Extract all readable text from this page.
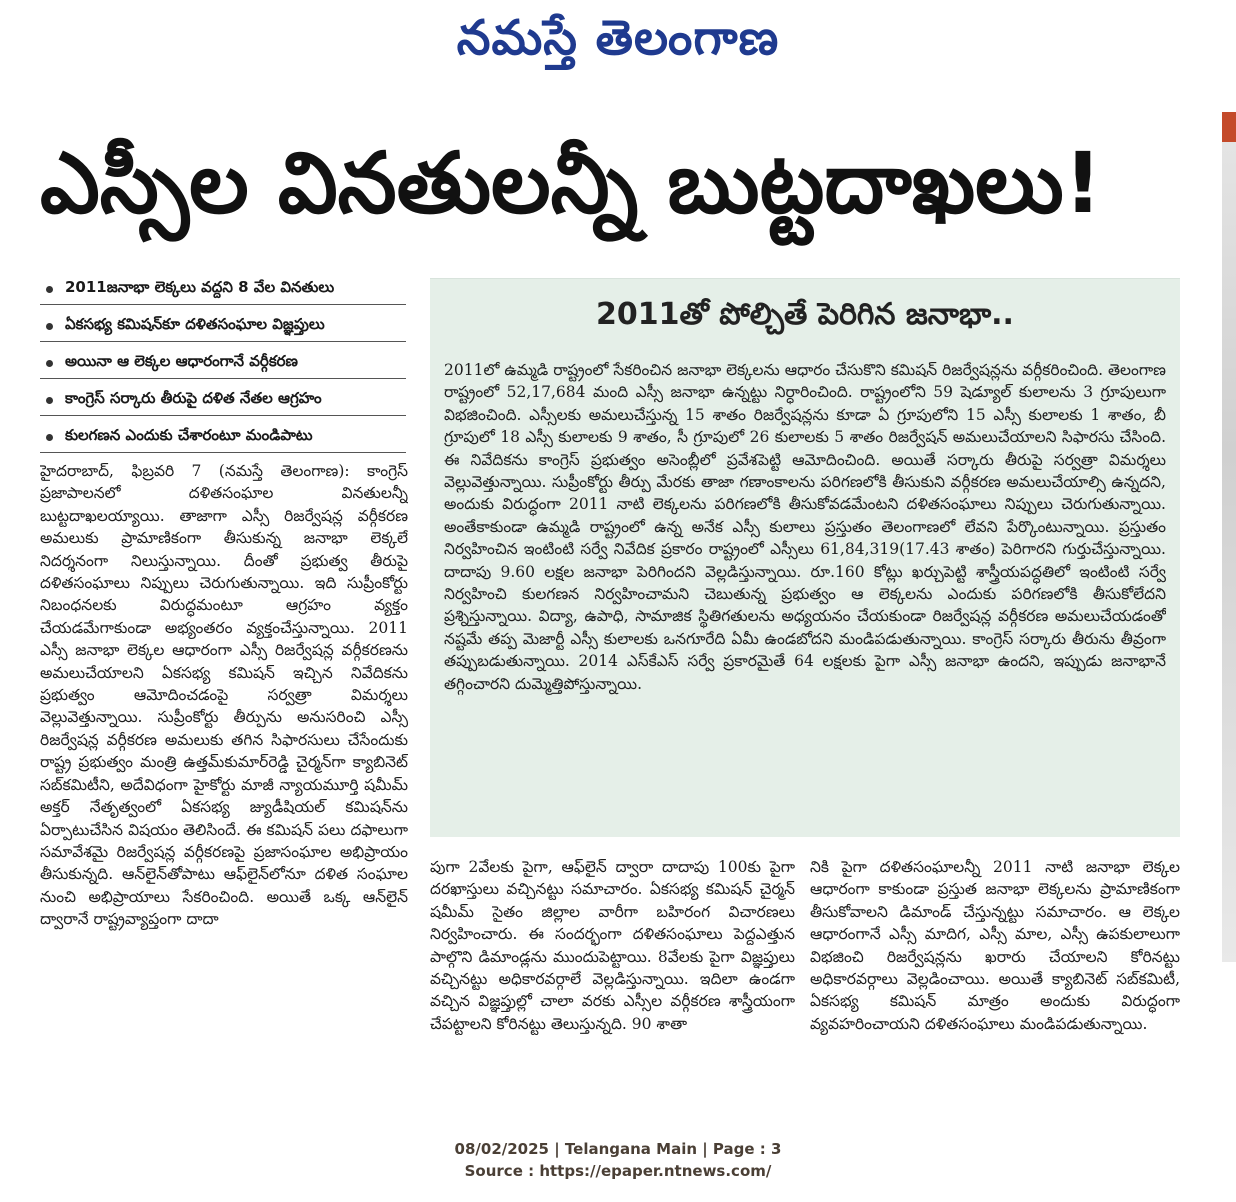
నమస్తే తెలంగాణ
ఎస్సీల వినతులన్నీ బుట్టదాఖలు!
2011జనాభా లెక్కలు వద్దని 8 వేల వినతులు
ఏకసభ్య కమిషన్‌కూ దళితసంఘాల విజ్ఞప్తులు
అయినా ఆ లెక్కల ఆధారంగానే వర్గీకరణ
కాంగ్రెస్ సర్కారు తీరుపై దళిత నేతల ఆగ్రహం
కులగణన ఎందుకు చేశారంటూ మండిపాటు
హైదరాబాద్, ఫిబ్రవరి 7 (నమస్తే తెలంగాణ): కాంగ్రెస్ ప్రజాపాలనలో దళితసంఘాల వినతులన్నీ బుట్టదాఖలయ్యాయి. తాజాగా ఎస్సీ రిజర్వేషన్ల వర్గీకరణ అమలుకు ప్రామాణికంగా తీసుకున్న జనాభా లెక్కలే నిదర్శనంగా నిలుస్తున్నాయి. దీంతో ప్రభుత్వ తీరుపై దళితసంఘాలు నిప్పులు చెరుగుతున్నాయి. ఇది సుప్రీంకోర్టు నిబంధనలకు విరుద్ధమంటూ ఆగ్రహం వ్యక్తం చేయడమేగాకుండా అభ్యంతరం వ్యక్తంచేస్తున్నాయి. 2011 ఎస్సీ జనాభా లెక్కల ఆధారంగా ఎస్సీ రిజర్వేషన్ల వర్గీకరణను అమలుచేయాలని ఏకసభ్య కమిషన్ ఇచ్చిన నివేదికను ప్రభుత్వం ఆమోదించడంపై సర్వత్రా విమర్శలు వెల్లువెత్తున్నాయి. సుప్రీంకోర్టు తీర్పును అనుసరించి ఎస్సీ రిజర్వేషన్ల వర్గీకరణ అమలుకు తగిన సిఫారసులు చేసేందుకు రాష్ట్ర ప్రభుత్వం మంత్రి ఉత్తమ్‌కుమార్‌రెడ్డి చైర్మన్‌గా క్యాబినెట్ సబ్‌కమిటీని, అదేవిధంగా హైకోర్టు మాజీ న్యాయమూర్తి షమీమ్ అక్తర్ నేతృత్వంలో ఏకసభ్య జ్యుడీషియల్ కమిషన్‌ను ఏర్పాటుచేసిన విషయం తెలిసిందే. ఈ కమిషన్ పలు దఫాలుగా సమావేశమై రిజర్వేషన్ల వర్గీకరణపై ప్రజాసంఘాల అభిప్రాయం తీసుకున్నది. ఆన్‌లైన్‌తోపాటు ఆఫ్‌లైన్‌లోనూ దళిత సంఘాల నుంచి అభిప్రాయాలు సేకరించింది. అయితే ఒక్క ఆన్‌లైన్ ద్వారానే రాష్ట్రవ్యాప్తంగా దాదా
2011తో పోల్చితే పెరిగిన జనాభా..
2011లో ఉమ్మడి రాష్ట్రంలో సేకరించిన జనాభా లెక్కలను ఆధారం చేసుకొని కమిషన్ రిజర్వేషన్లను వర్గీకరించింది. తెలంగాణ రాష్ట్రంలో 52,17,684 మంది ఎస్సీ జనాభా ఉన్నట్టు నిర్ధారించింది. రాష్ట్రంలోని 59 షెడ్యూల్ కులాలను 3 గ్రూపులుగా విభజించింది. ఎస్సీలకు అమలుచేస్తున్న 15 శాతం రిజర్వేషన్లను కూడా ఏ గ్రూపులోని 15 ఎస్సీ కులాలకు 1 శాతం, బీ గ్రూపులో 18 ఎస్సీ కులాలకు 9 శాతం, సీ గ్రూపులో 26 కులాలకు 5 శాతం రిజర్వేషన్ అమలుచేయాలని సిఫారసు చేసింది. ఈ నివేదికను కాంగ్రెస్ ప్రభుత్వం అసెంబ్లీలో ప్రవేశపెట్టి ఆమోదించింది. అయితే సర్కారు తీరుపై సర్వత్రా విమర్శలు వెల్లువెత్తున్నాయి. సుప్రీంకోర్టు తీర్పు మేరకు తాజా గణాంకాలను పరిగణలోకి తీసుకుని వర్గీకరణ అమలుచేయాల్సి ఉన్నదని, అందుకు విరుద్ధంగా 2011 నాటి లెక్కలను పరిగణలోకి తీసుకోవడమేంటని దళితసంఘాలు నిప్పులు చెరుగుతున్నాయి. అంతేకాకుండా ఉమ్మడి రాష్ట్రంలో ఉన్న అనేక ఎస్సీ కులాలు ప్రస్తుతం తెలంగాణలో లేవని పేర్కొంటున్నాయి. ప్రస్తుతం నిర్వహించిన ఇంటింటి సర్వే నివేదిక ప్రకారం రాష్ట్రంలో ఎస్సీలు 61,84,319(17.43 శాతం) పెరిగారని గుర్తుచేస్తున్నాయి. దాదాపు 9.60 లక్షల జనాభా పెరిగిందని వెల్లడిస్తున్నాయి. రూ.160 కోట్లు ఖర్చుపెట్టి శాస్త్రీయపద్ధతిలో ఇంటింటి సర్వే నిర్వహించి కులగణన నిర్వహించామని చెబుతున్న ప్రభుత్వం ఆ లెక్కలను ఎందుకు పరిగణలోకి తీసుకోలేదని ప్రశ్నిస్తున్నాయి. విద్యా, ఉపాధి, సామాజిక స్థితిగతులను అధ్యయనం చేయకుండా రిజర్వేషన్ల వర్గీకరణ అమలుచేయడంతో నష్టమే తప్ప మెజార్టీ ఎస్సీ కులాలకు ఒనగూరేది ఏమీ ఉండబోదని మండిపడుతున్నాయి. కాంగ్రెస్ సర్కారు తీరును తీవ్రంగా తప్పుబడుతున్నాయి. 2014 ఎస్‌కేఎస్ సర్వే ప్రకారమైతే 64 లక్షలకు పైగా ఎస్సీ జనాభా ఉందని, ఇప్పుడు జనాభానే తగ్గించారని దుమ్మెత్తిపోస్తున్నాయి.
పుగా 2వేలకు పైగా, ఆఫ్‌లైన్ ద్వారా దాదాపు 100కు పైగా దరఖాస్తులు వచ్చినట్టు సమాచారం. ఏకసభ్య కమిషన్ చైర్మన్ షమీమ్ సైతం జిల్లాల వారీగా బహిరంగ విచారణలు నిర్వహించారు. ఈ సందర్భంగా దళితసంఘాలు పెద్దఎత్తున పాల్గొని డిమాండ్లను ముందుపెట్టాయి. 8వేలకు పైగా విజ్ఞప్తులు వచ్చినట్టు అధికారవర్గాలే వెల్లడిస్తున్నాయి. ఇదిలా ఉండగా వచ్చిన విజ్ఞప్తుల్లో చాలా వరకు ఎస్సీల వర్గీకరణ శాస్త్రీయంగా చేపట్టాలని కోరినట్టు తెలుస్తున్నది. 90 శాతా
నికి పైగా దళితసంఘాలన్నీ 2011 నాటి జనాభా లెక్కల ఆధారంగా కాకుండా ప్రస్తుత జనాభా లెక్కలను ప్రామాణికంగా తీసుకోవాలని డిమాండ్ చేస్తున్నట్టు సమాచారం. ఆ లెక్కల ఆధారంగానే ఎస్సీ మాదిగ, ఎస్సీ మాల, ఎస్సీ ఉపకులాలుగా విభజించి రిజర్వేషన్లను ఖరారు చేయాలని కోరినట్టు అధికారవర్గాలు వెల్లడించాయి. అయితే క్యాబినెట్ సబ్‌కమిటీ, ఏకసభ్య కమిషన్ మాత్రం అందుకు విరుద్ధంగా వ్యవహరించాయని దళితసంఘాలు మండిపడుతున్నాయి.
08/02/2025 | Telangana Main | Page : 3
Source : https://epaper.ntnews.com/
